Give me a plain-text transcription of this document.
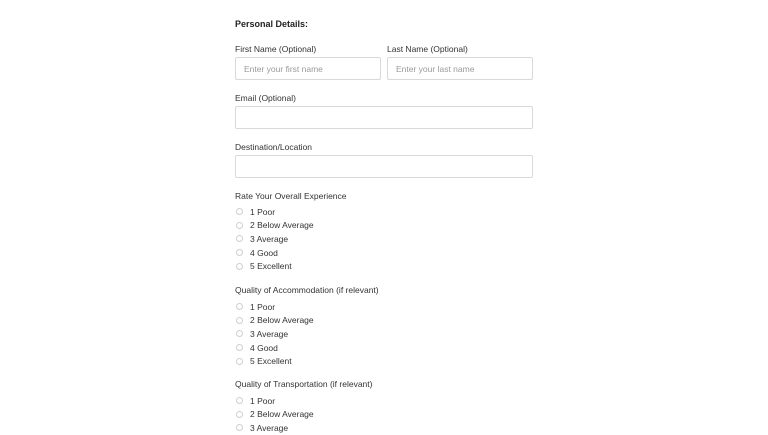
Personal Details:
First Name (Optional)
Enter your first name	Last Name (Optional)
Enter your last name
Email (Optional)
Destination/Location
Rate Your Overall Experience
1 Poor
2 Below Average
3 Average
4 Good
5 Excellent
Quality of Accommodation (if relevant)
1 Poor
2 Below Average
3 Average
4 Good
5 Excellent
Quality of Transportation (if relevant)
1 Poor
2 Below Average
3 Average
